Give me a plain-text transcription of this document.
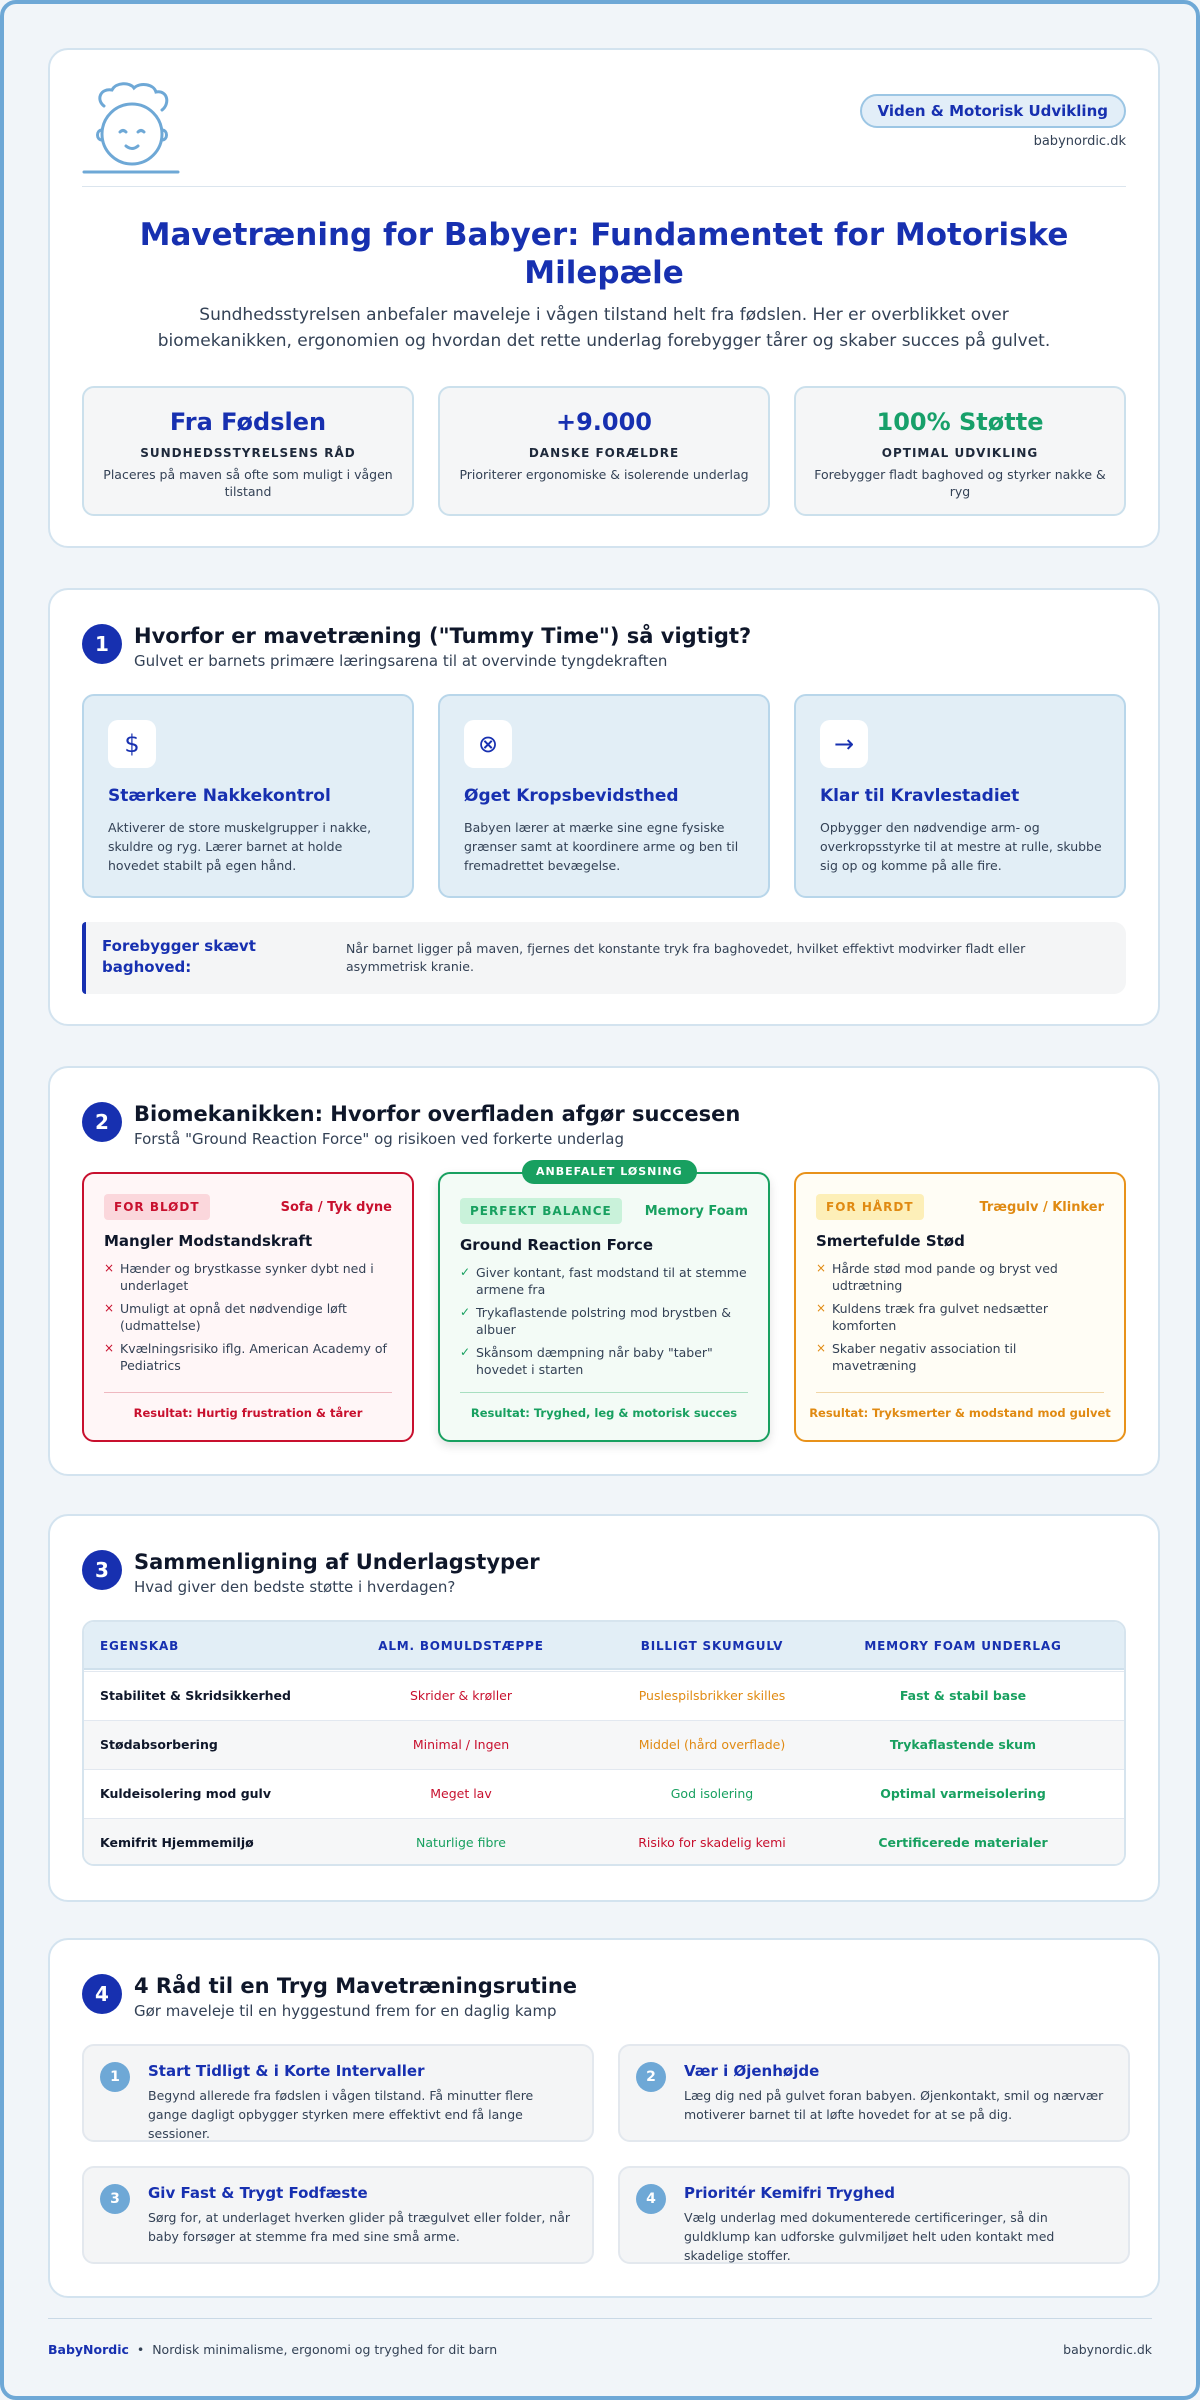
Viden & Motorisk Udvikling
babynordic.dk
Mavetræning for Babyer: Fundamentet for Motoriske Milepæle
Sundhedsstyrelsen anbefaler maveleje i vågen tilstand helt fra fødslen. Her er overblikket over biomekanikken, ergonomien og hvordan det rette underlag forebygger tårer og skaber succes på gulvet.
Fra Fødslen
SUNDHEDSSTYRELSENS RÅD
Placeres på maven så ofte som muligt i vågen tilstand
+9.000
DANSKE FORÆLDRE
Prioriterer ergonomiske & isolerende underlag
100% Støtte
OPTIMAL UDVIKLING
Forebygger fladt baghoved og styrker nakke & ryg
1	Hvorfor er mavetræning ("Tummy Time") så vigtigt?
Gulvet er barnets primære læringsarena til at overvinde tyngdekraften
$
Stærkere Nakkekontrol
Aktiverer de store muskelgrupper i nakke, skuldre og ryg. Lærer barnet at holde hovedet stabilt på egen hånd.
⊗
Øget Kropsbevidsthed
Babyen lærer at mærke sine egne fysiske grænser samt at koordinere arme og ben til fremadrettet bevægelse.
→
Klar til Kravlestadiet
Opbygger den nødvendige arm- og overkropsstyrke til at mestre at rulle, skubbe sig op og komme på alle fire.
Forebygger skævt baghoved:
Når barnet ligger på maven, fjernes det konstante tryk fra baghovedet, hvilket effektivt modvirker fladt eller asymmetrisk kranie.
2	Biomekanikken: Hvorfor overfladen afgør succesen
Forstå "Ground Reaction Force" og risikoen ved forkerte underlag
FOR BLØDT	Sofa / Tyk dyne
Mangler Modstandskraft
× Hænder og brystkasse synker dybt ned i underlaget
× Umuligt at opnå det nødvendige løft (udmattelse)
× Kvælningsrisiko iflg. American Academy of Pediatrics
Resultat: Hurtig frustration & tårer
ANBEFALET LØSNING
PERFEKT BALANCE	Memory Foam
Ground Reaction Force
✓ Giver kontant, fast modstand til at stemme armene fra
✓ Trykaflastende polstring mod brystben & albuer
✓ Skånsom dæmpning når baby "taber" hovedet i starten
Resultat: Tryghed, leg & motorisk succes
FOR HÅRDT	Trægulv / Klinker
Smertefulde Stød
× Hårde stød mod pande og bryst ved udtrætning
× Kuldens træk fra gulvet nedsætter komforten
× Skaber negativ association til mavetræning
Resultat: Tryksmerter & modstand mod gulvet
3	Sammenligning af Underlagstyper
Hvad giver den bedste støtte i hverdagen?
EGENSKAB	ALM. BOMULDSTÆPPE	BILLIGT SKUMGULV	MEMORY FOAM UNDERLAG
Stabilitet & Skridsikkerhed	Skrider & krøller	Puslespilsbrikker skilles	Fast & stabil base
Stødabsorbering	Minimal / Ingen	Middel (hård overflade)	Trykaflastende skum
Kuldeisolering mod gulv	Meget lav	God isolering	Optimal varmeisolering
Kemifrit Hjemmemiljø	Naturlige fibre	Risiko for skadelig kemi	Certificerede materialer
4	4 Råd til en Tryg Mavetræningsrutine
Gør maveleje til en hyggestund frem for en daglig kamp
1	Start Tidligt & i Korte Intervaller
Begynd allerede fra fødslen i vågen tilstand. Få minutter flere gange dagligt opbygger styrken mere effektivt end få lange sessioner.
2	Vær i Øjenhøjde
Læg dig ned på gulvet foran babyen. Øjenkontakt, smil og nærvær motiverer barnet til at løfte hovedet for at se på dig.
3	Giv Fast & Trygt Fodfæste
Sørg for, at underlaget hverken glider på trægulvet eller folder, når baby forsøger at stemme fra med sine små arme.
4	Prioritér Kemifri Tryghed
Vælg underlag med dokumenterede certificeringer, så din guldklump kan udforske gulvmiljøet helt uden kontakt med skadelige stoffer.
BabyNordic • Nordisk minimalisme, ergonomi og tryghed for dit barn	babynordic.dk
